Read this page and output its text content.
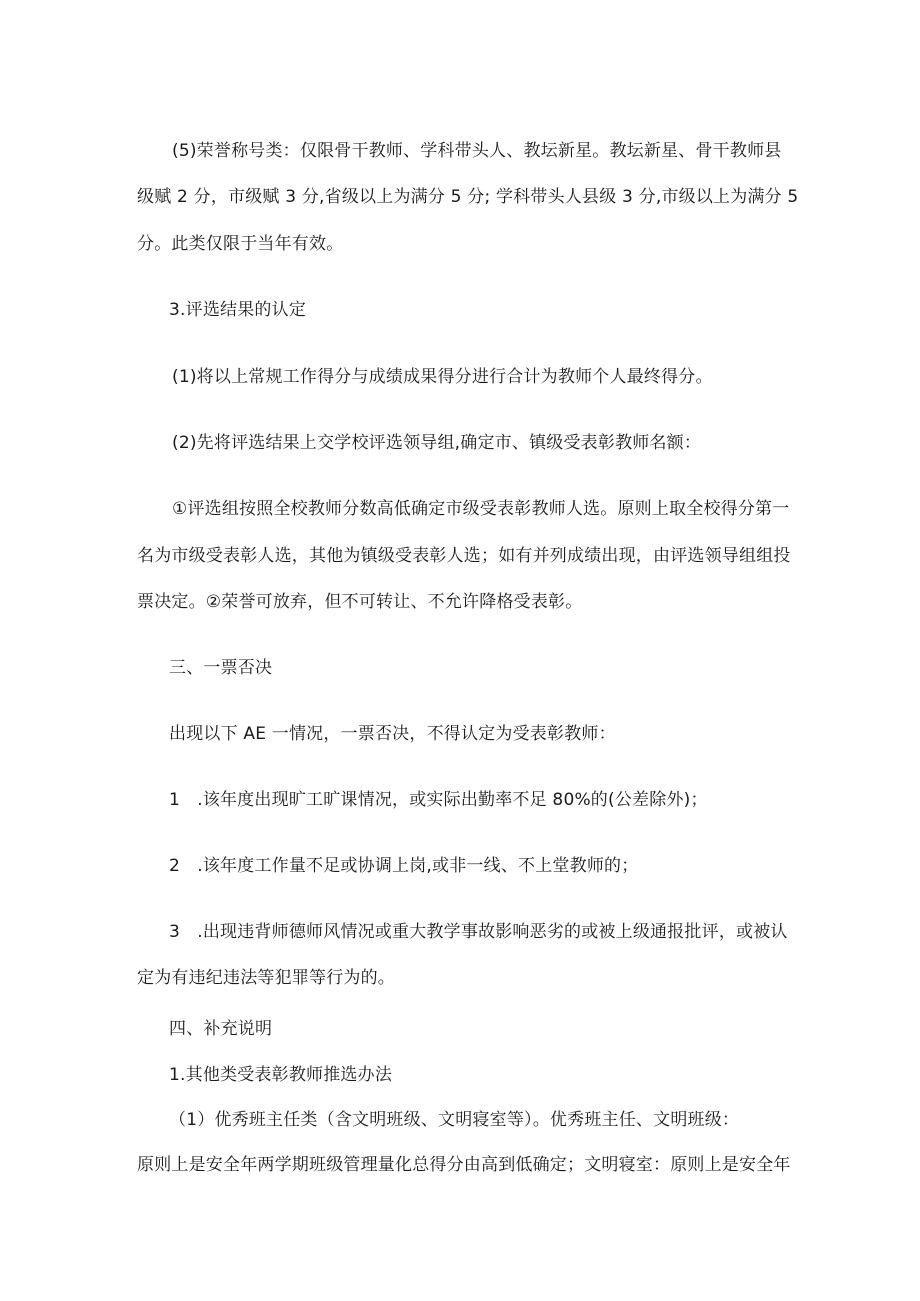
(5)荣誉称号类：仅限骨干教师、学科带头人、教坛新星。教坛新星、骨干教师县
级赋 2 分，市级赋 3 分,省级以上为满分 5 分; 学科带头人县级 3 分,市级以上为满分 5
分。此类仅限于当年有效。
3.评选结果的认定
(1)将以上常规工作得分与成绩成果得分进行合计为教师个人最终得分。
(2)先将评选结果上交学校评选领导组,确定市、镇级受表彰教师名额：
①评选组按照全校教师分数高低确定市级受表彰教师人选。原则上取全校得分第一
名为市级受表彰人选，其他为镇级受表彰人选；如有并列成绩出现，由评选领导组组投
票决定。②荣誉可放弃，但不可转让、不允许降格受表彰。
三、一票否决
出现以下 AE 一情况，一票否决，不得认定为受表彰教师：
1　.该年度出现旷工旷课情况，或实际出勤率不足 80%的(公差除外)；
2　.该年度工作量不足或协调上岗,或非一线、不上堂教师的；
3　.出现违背师德师风情况或重大教学事故影响恶劣的或被上级通报批评，或被认
定为有违纪违法等犯罪等行为的。
四、补充说明
1.其他类受表彰教师推选办法
（1）优秀班主任类（含文明班级、文明寝室等）。优秀班主任、文明班级：
原则上是安全年两学期班级管理量化总得分由高到低确定；文明寝室：原则上是安全年
